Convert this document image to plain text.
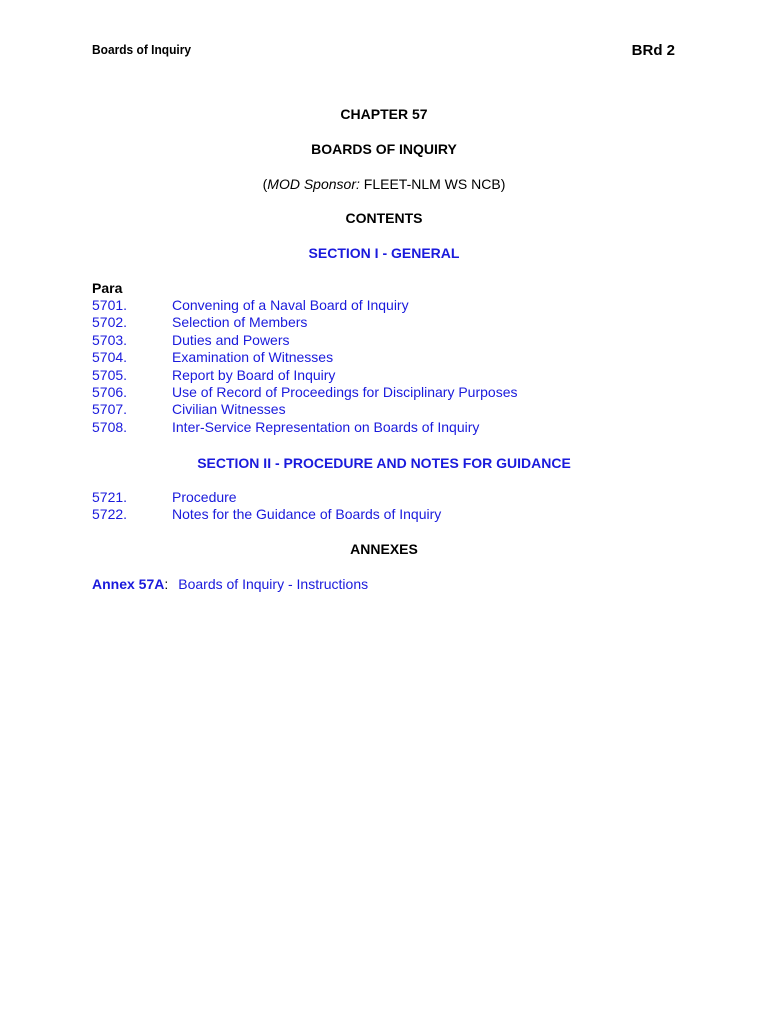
Boards of Inquiry	BRd 2
CHAPTER 57
BOARDS OF INQUIRY
(MOD Sponsor: FLEET-NLM WS NCB)
CONTENTS
SECTION I - GENERAL
Para
5701.	Convening of a Naval Board of Inquiry
5702.	Selection of Members
5703.	Duties and Powers
5704.	Examination of Witnesses
5705.	Report by Board of Inquiry
5706.	Use of Record of Proceedings for Disciplinary Purposes
5707.	Civilian Witnesses
5708.	Inter-Service Representation on Boards of Inquiry
SECTION II - PROCEDURE AND NOTES FOR GUIDANCE
5721.	Procedure
5722.	Notes for the Guidance of Boards of Inquiry
ANNEXES
Annex 57A: Boards of Inquiry - Instructions
